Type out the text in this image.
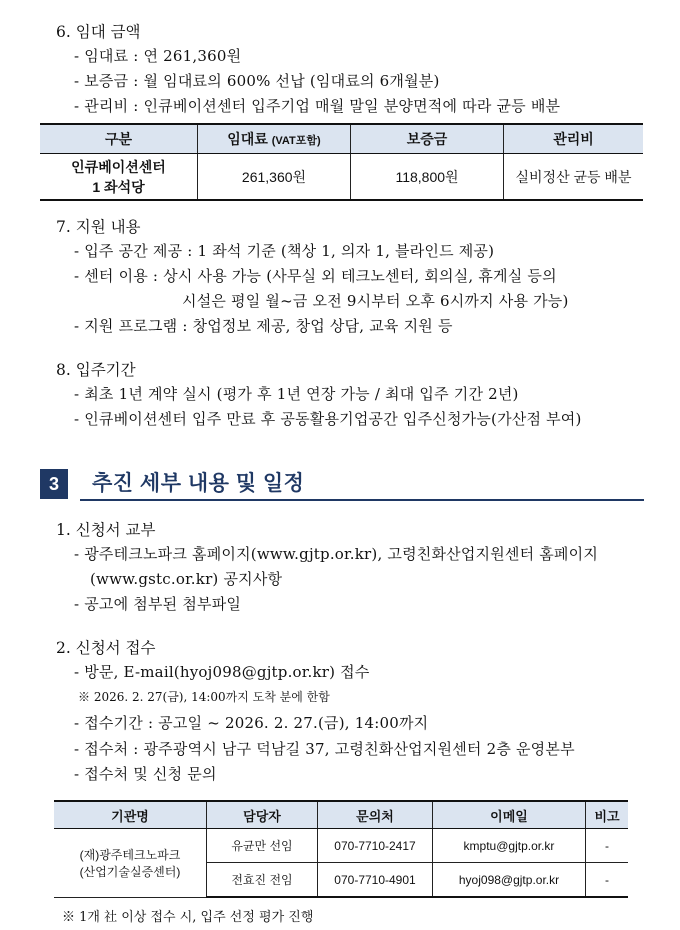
6. 임대 금액
- 임대료 : 연 261,360원
- 보증금 : 월 임대료의 600% 선납 (임대료의 6개월분)
- 관리비 : 인큐베이션센터 입주기업 매월 말일 분양면적에 따라 균등 배분
구분	임대료 (VAT포함)	보증금	관리비

인큐베이션센터
1 좌석당	261,360원	118,800원	실비정산 균등 배분
7. 지원 내용
- 입주 공간 제공 : 1 좌석 기준 (책상 1, 의자 1, 블라인드 제공)
- 센터 이용 : 상시 사용 가능 (사무실 외 테크노센터, 회의실, 휴게실 등의
시설은 평일 월~금 오전 9시부터 오후 6시까지 사용 가능)
- 지원 프로그램 : 창업정보 제공, 창업 상담, 교육 지원 등
8. 입주기간
- 최초 1년 계약 실시 (평가 후 1년 연장 가능 / 최대 입주 기간 2년)
- 인큐베이션센터 입주 만료 후 공동활용기업공간 입주신청가능(가산점 부여)
3	추진 세부 내용 및 일정
1. 신청서 교부
- 광주테크노파크 홈페이지(www.gjtp.or.kr), 고령친화산업지원센터 홈페이지
(www.gstc.or.kr) 공지사항
- 공고에 첨부된 첨부파일
2. 신청서 접수
- 방문, E-mail(hyoj098@gjtp.or.kr) 접수
※ 2026. 2. 27(금), 14:00까지 도착 분에 한함
- 접수기간 : 공고일 ~ 2026. 2. 27.(금), 14:00까지
- 접수처 : 광주광역시 남구 덕남길 37, 고령친화산업지원센터 2층 운영본부
- 접수처 및 신청 문의
기관명	담당자	문의처	이메일	비고

(재)광주테크노파크
(산업기술실증센터)	유균만 선임	070-7710-2417	kmptu@gjtp.or.kr	-
	전효진 전임	070-7710-4901	hyoj098@gjtp.or.kr	-
※ 1개 社 이상 접수 시, 입주 선정 평가 진행
